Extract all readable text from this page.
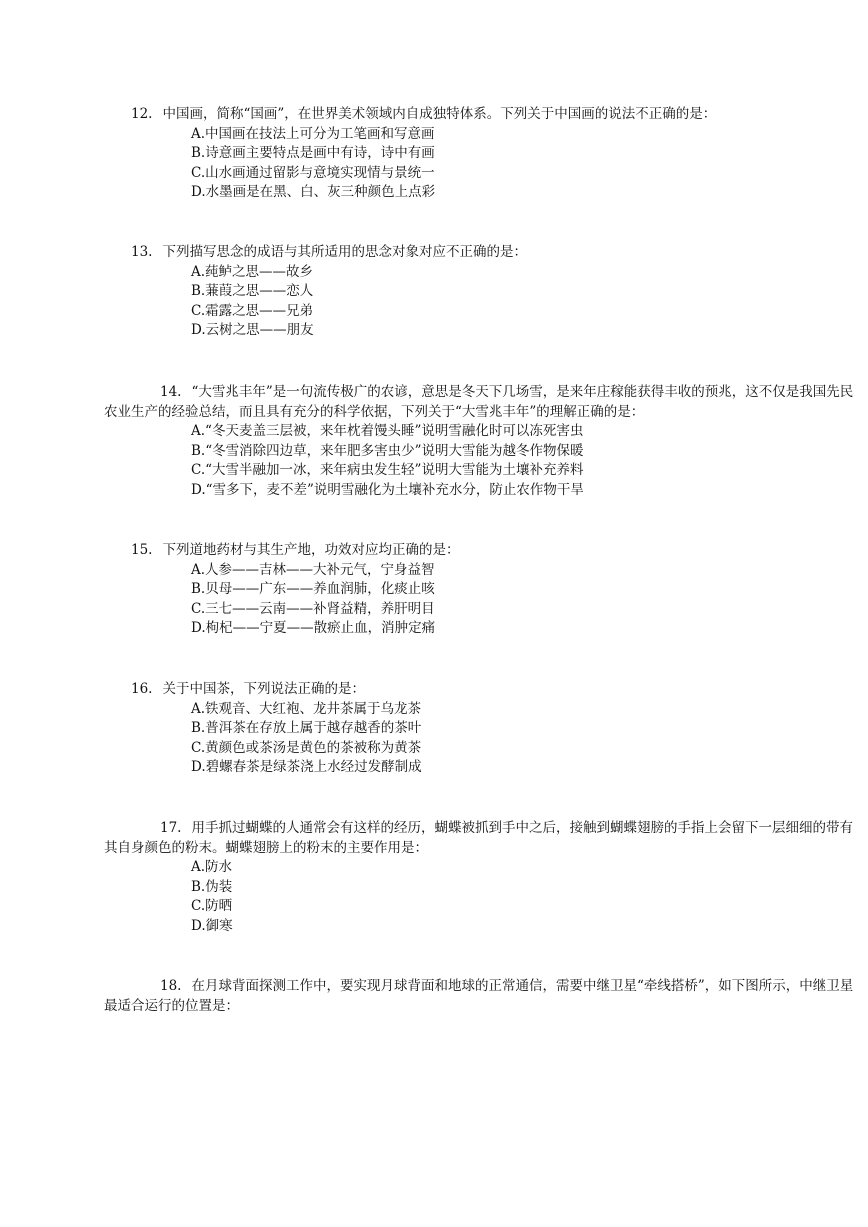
12. 中国画，简称“国画”，在世界美术领域内自成独特体系。下列关于中国画的说法不正确的是：

A.中国画在技法上可分为工笔画和写意画

B.诗意画主要特点是画中有诗，诗中有画

C.山水画通过留影与意境实现情与景统一

D.水墨画是在黑、白、灰三种颜色上点彩

13. 下列描写思念的成语与其所适用的思念对象对应不正确的是：

A.莼鲈之思——故乡

B.蒹葭之思——恋人

C.霜露之思——兄弟

D.云树之思——朋友

14. “大雪兆丰年”是一句流传极广的农谚，意思是冬天下几场雪，是来年庄稼能获得丰收的预兆，这不仅是我国先民农业生产的经验总结，而且具有充分的科学依据，下列关于“大雪兆丰年”的理解正确的是：

A.“冬天麦盖三层被，来年枕着馒头睡”说明雪融化时可以冻死害虫

B.“冬雪消除四边草，来年肥多害虫少”说明大雪能为越冬作物保暖

C.“大雪半融加一冰，来年病虫发生轻”说明大雪能为土壤补充养料

D.“雪多下，麦不差”说明雪融化为土壤补充水分，防止农作物干旱

15. 下列道地药材与其生产地，功效对应均正确的是：

A.人参——吉林——大补元气，宁身益智

B.贝母——广东——养血润肺，化痰止咳

C.三七——云南——补肾益精，养肝明目

D.枸杞——宁夏——散瘀止血，消肿定痛

16. 关于中国茶，下列说法正确的是：

A.铁观音、大红袍、龙井茶属于乌龙茶

B.普洱茶在存放上属于越存越香的茶叶

C.黄颜色或茶汤是黄色的茶被称为黄茶

D.碧螺春茶是绿茶浇上水经过发酵制成

17. 用手抓过蝴蝶的人通常会有这样的经历，蝴蝶被抓到手中之后，接触到蝴蝶翅膀的手指上会留下一层细细的带有其自身颜色的粉末。蝴蝶翅膀上的粉末的主要作用是：

A.防水

B.伪装

C.防晒

D.御寒

18. 在月球背面探测工作中，要实现月球背面和地球的正常通信，需要中继卫星“牵线搭桥”，如下图所示，中继卫星最适合运行的位置是：
